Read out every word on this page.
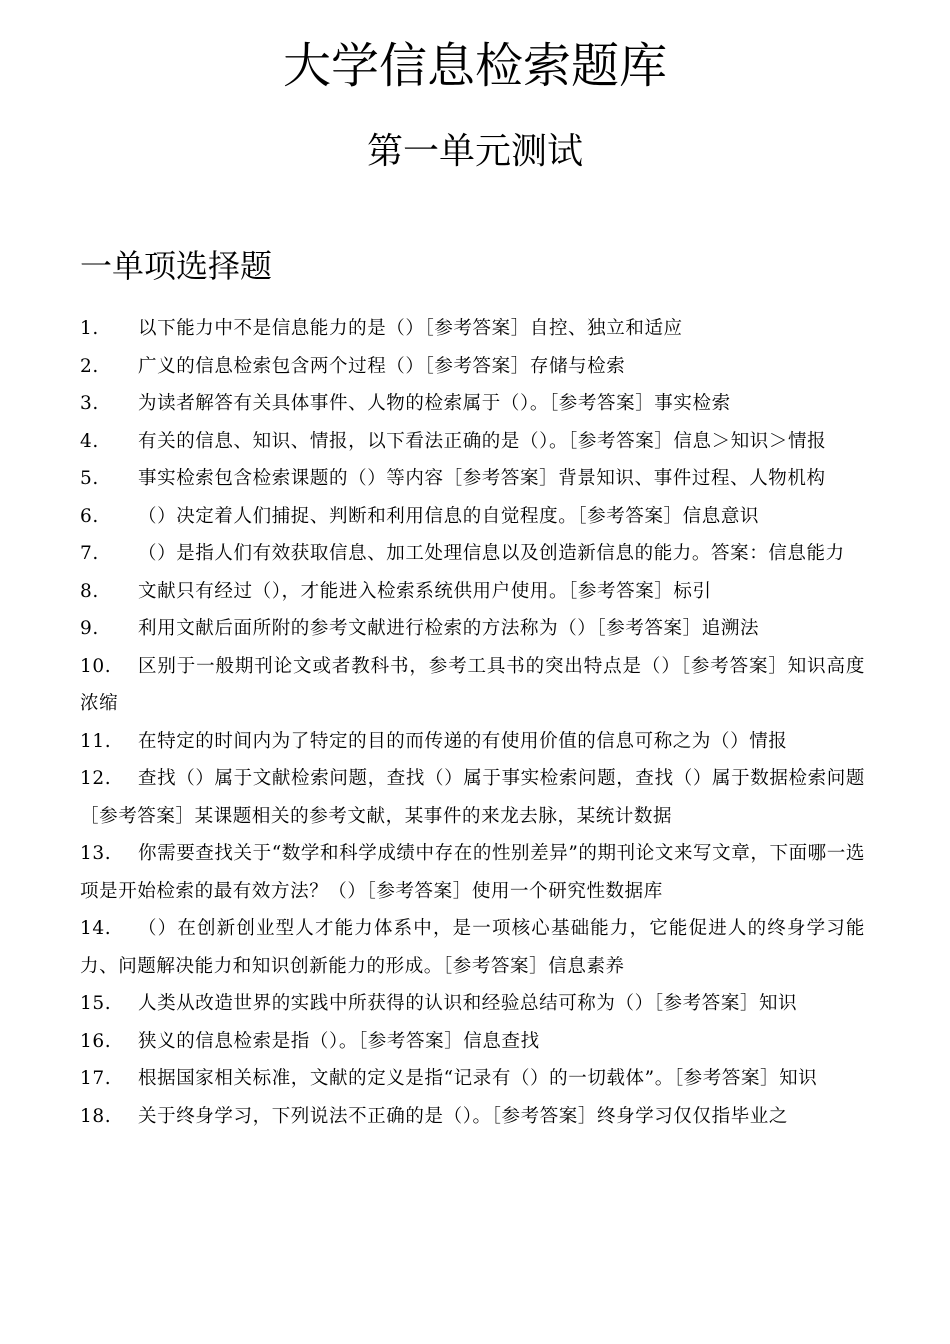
大学信息检索题库
第一单元测试
一单项选择题
1.	以下能力中不是信息能力的是（）［参考答案］自控、独立和适应
2.	广义的信息检索包含两个过程（）［参考答案］存储与检索
3.	为读者解答有关具体事件、人物的检索属于（）。［参考答案］事实检索
4.	有关的信息、知识、情报，以下看法正确的是（）。［参考答案］信息＞知识＞情报
5.	事实检索包含检索课题的（）等内容［参考答案］背景知识、事件过程、人物机构
6.	（）决定着人们捕捉、判断和利用信息的自觉程度。［参考答案］信息意识
7.	（）是指人们有效获取信息、加工处理信息以及创造新信息的能力。答案：信息能力
8.	文献只有经过（），才能进入检索系统供用户使用。［参考答案］标引
9.	利用文献后面所附的参考文献进行检索的方法称为（）［参考答案］追溯法
10.	区别于一般期刊论文或者教科书，参考工具书的突出特点是（）［参考答案］知识高度浓缩
11.	在特定的时间内为了特定的目的而传递的有使用价值的信息可称之为（）情报
12.	查找（）属于文献检索问题，查找（）属于事实检索问题，查找（）属于数据检索问题［参考答案］某课题相关的参考文献，某事件的来龙去脉，某统计数据
13.	你需要查找关于“数学和科学成绩中存在的性别差异”的期刊论文来写文章，下面哪一选项是开始检索的最有效方法？（）［参考答案］使用一个研究性数据库
14.	（）在创新创业型人才能力体系中，是一项核心基础能力，它能促进人的终身学习能力、问题解决能力和知识创新能力的形成。［参考答案］信息素养
15.	人类从改造世界的实践中所获得的认识和经验总结可称为（）［参考答案］知识
16.	狭义的信息检索是指（）。［参考答案］信息查找
17.	根据国家相关标准，文献的定义是指“记录有（）的一切载体”。［参考答案］知识
18.	关于终身学习，下列说法不正确的是（）。［参考答案］终身学习仅仅指毕业之
